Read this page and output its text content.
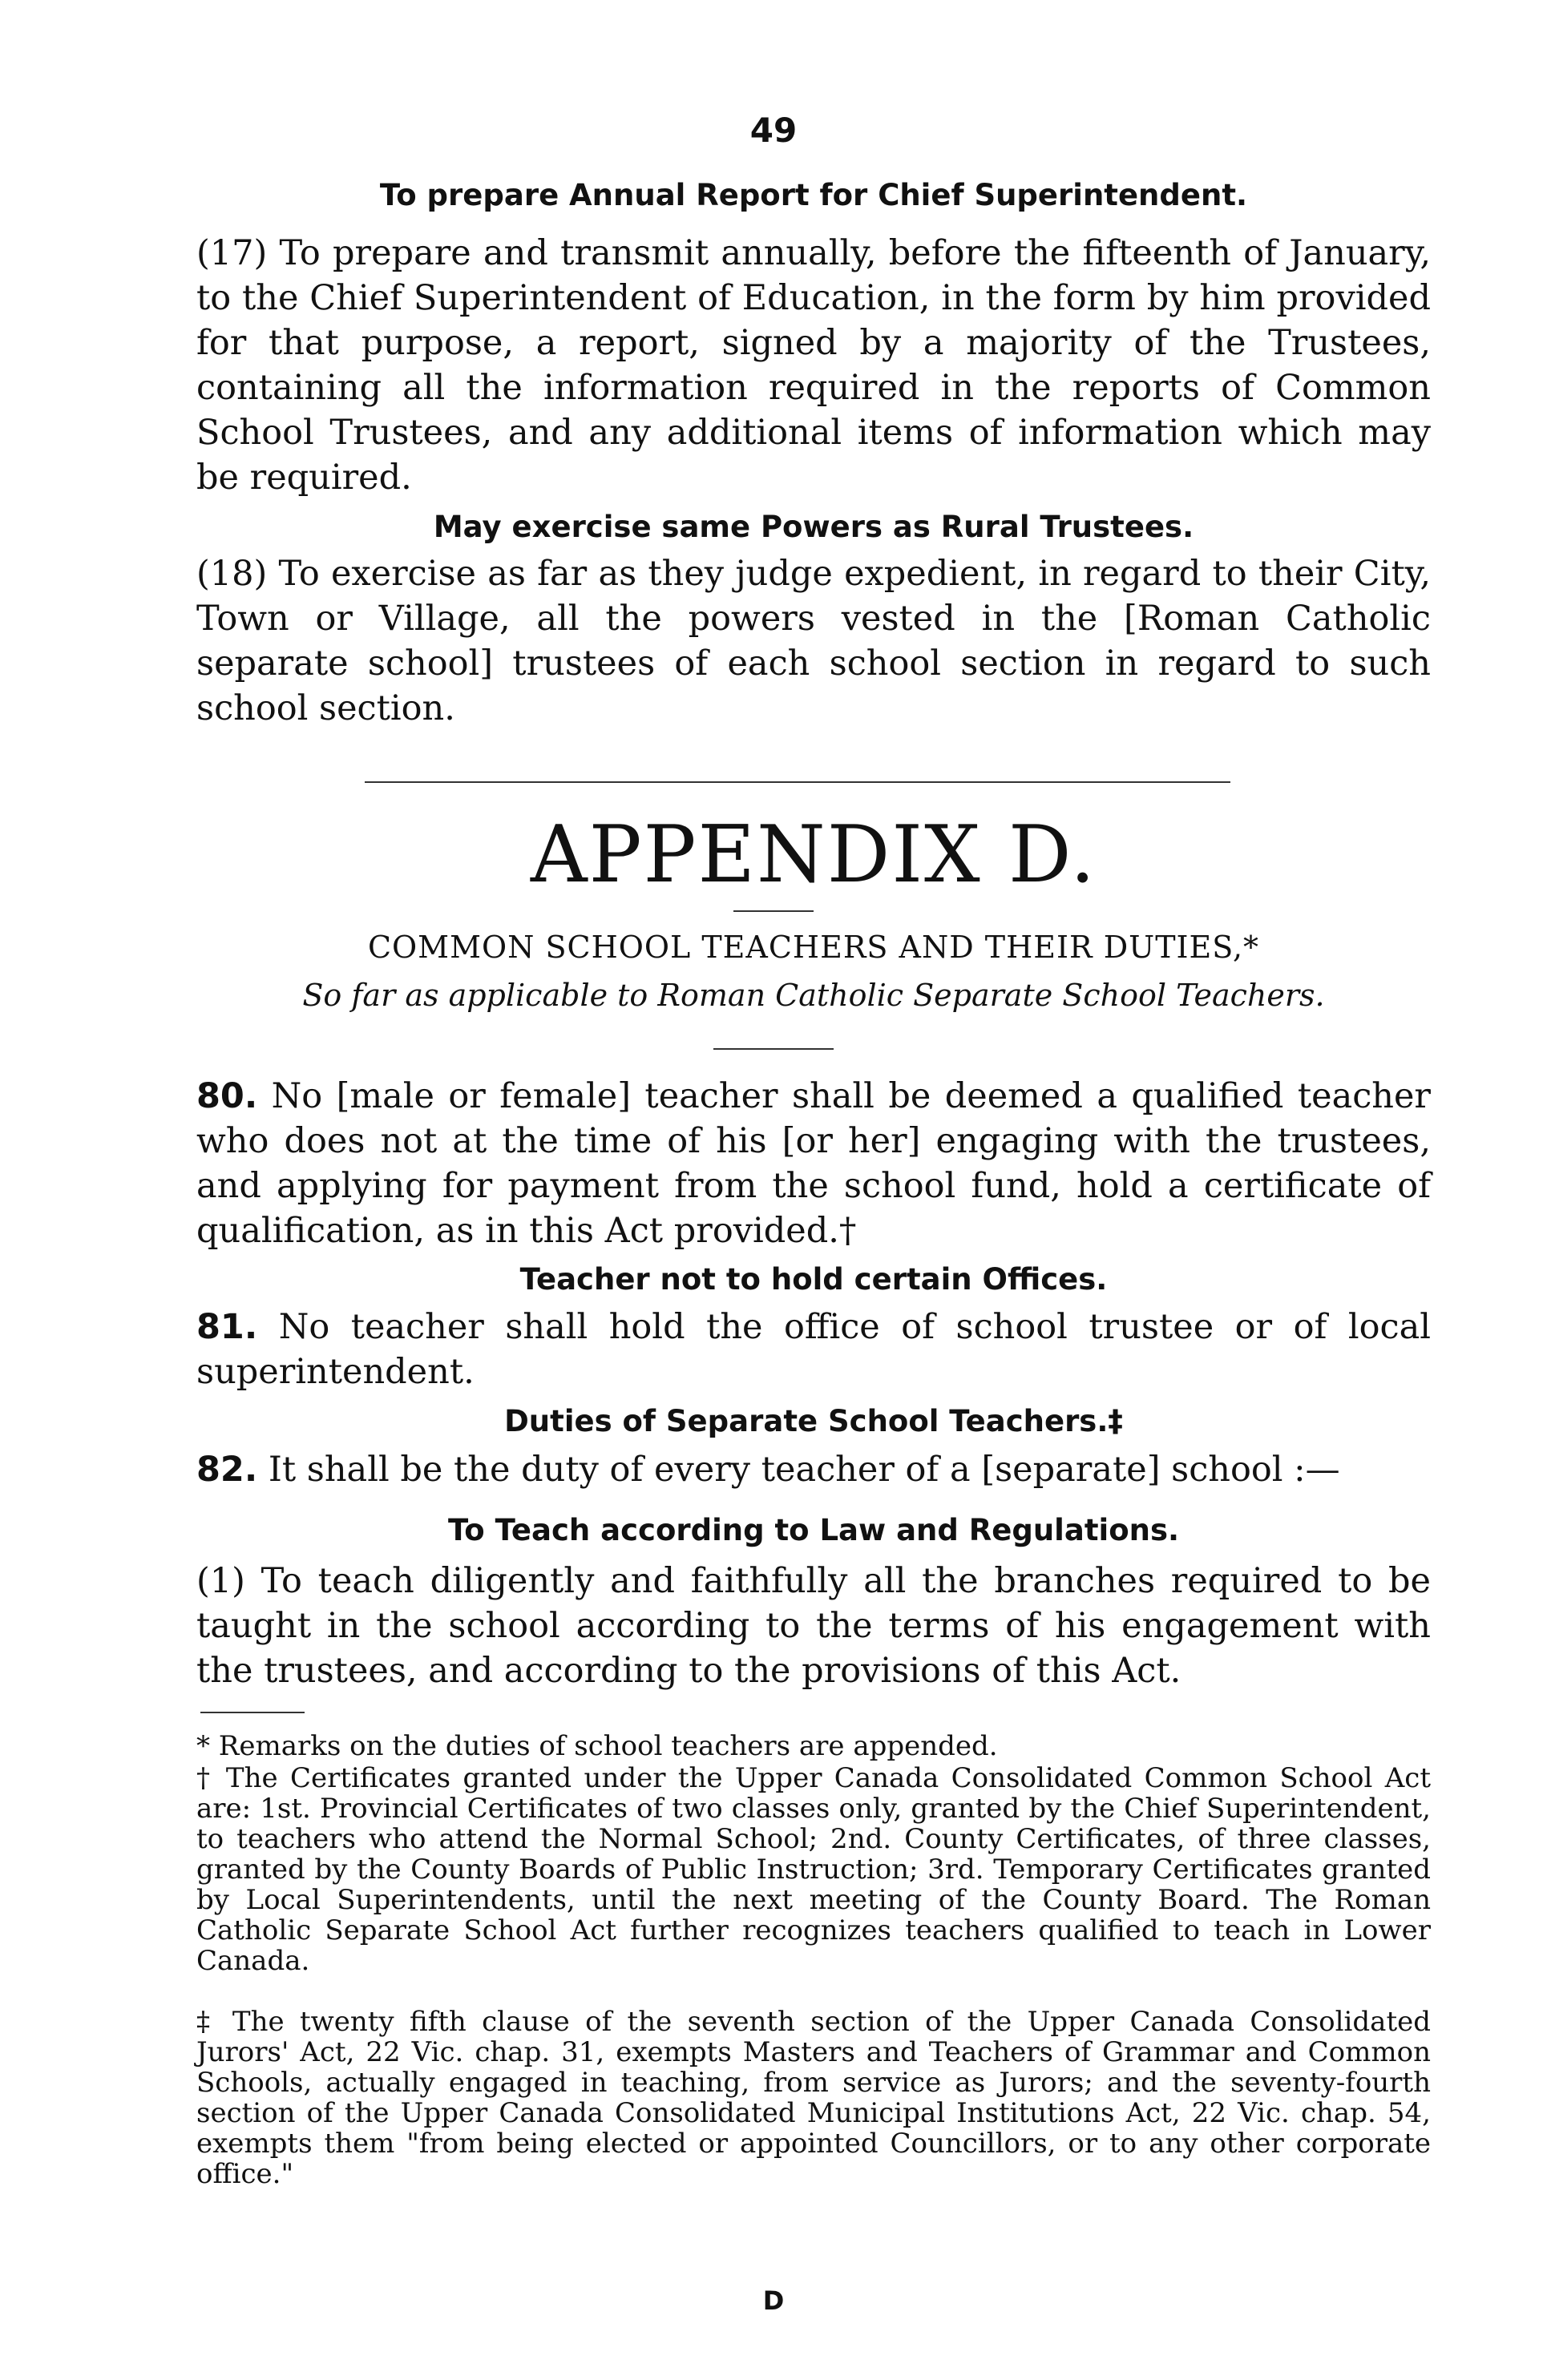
49

To prepare Annual Report for Chief Superintendent.

(17) To prepare and transmit annually, before the fifteenth of January, to the Chief Superintendent of Education, in the form by him provided for that purpose, a report, signed by a majority of the Trustees, containing all the information required in the reports of Common School Trustees, and any additional items of information which may be required.

May exercise same Powers as Rural Trustees.

(18) To exercise as far as they judge expedient, in regard to their City, Town or Village, all the powers vested in the [Roman Catholic separate school] trustees of each school section in regard to such school section.

APPENDIX D.

COMMON SCHOOL TEACHERS AND THEIR DUTIES,*

So far as applicable to Roman Catholic Separate School Teachers.

80. No [male or female] teacher shall be deemed a qualified teacher who does not at the time of his [or her] engaging with the trustees, and applying for payment from the school fund, hold a certificate of qualification, as in this Act provided.†

Teacher not to hold certain Offices.

81. No teacher shall hold the office of school trustee or of local superintendent.

Duties of Separate School Teachers.‡

82. It shall be the duty of every teacher of a [separate] school :—

To Teach according to Law and Regulations.

(1) To teach diligently and faithfully all the branches required to be taught in the school according to the terms of his engagement with the trustees, and according to the provisions of this Act.

* Remarks on the duties of school teachers are appended.

† The Certificates granted under the Upper Canada Consolidated Common School Act are: 1st. Provincial Certificates of two classes only, granted by the Chief Superintendent, to teachers who attend the Normal School; 2nd. County Certificates, of three classes, granted by the County Boards of Public Instruction; 3rd. Temporary Certificates granted by Local Superintendents, until the next meeting of the County Board. The Roman Catholic Separate School Act further recognizes teachers qualified to teach in Lower Canada.

‡ The twenty fifth clause of the seventh section of the Upper Canada Consolidated Jurors' Act, 22 Vic. chap. 31, exempts Masters and Teachers of Grammar and Common Schools, actually engaged in teaching, from service as Jurors; and the seventy-fourth section of the Upper Canada Consolidated Municipal Institutions Act, 22 Vic. chap. 54, exempts them "from being elected or appointed Councillors, or to any other corporate office."

D
